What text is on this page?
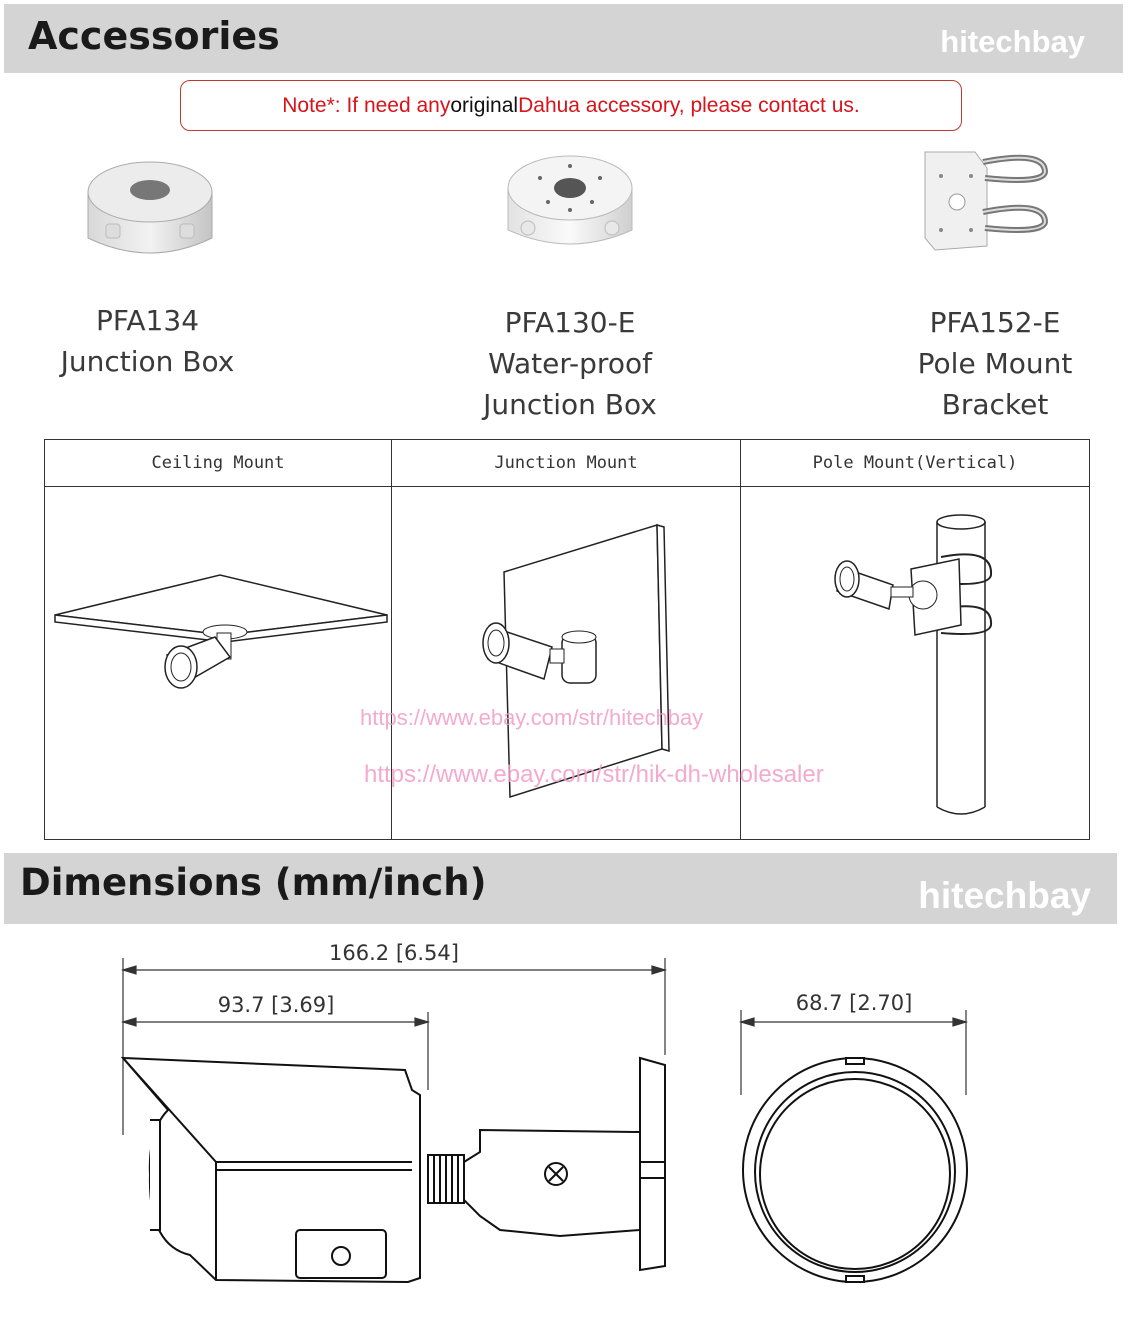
Accessories	hitechbay
Note*: If need any original Dahua accessory, please contact us.
PFA134
Junction Box
PFA130-E
Water-proof
Junction Box
PFA152-E
Pole Mount
Bracket
Ceiling Mount	Junction Mount	Pole Mount(Vertical)

https://www.ebay.com/str/hitechbay
https://www.ebay.com/str/hik-dh-wholesaler
Dimensions (mm/inch)	hitechbay
166.2 [6.54]
93.7 [3.69]	68.7 [2.70]
